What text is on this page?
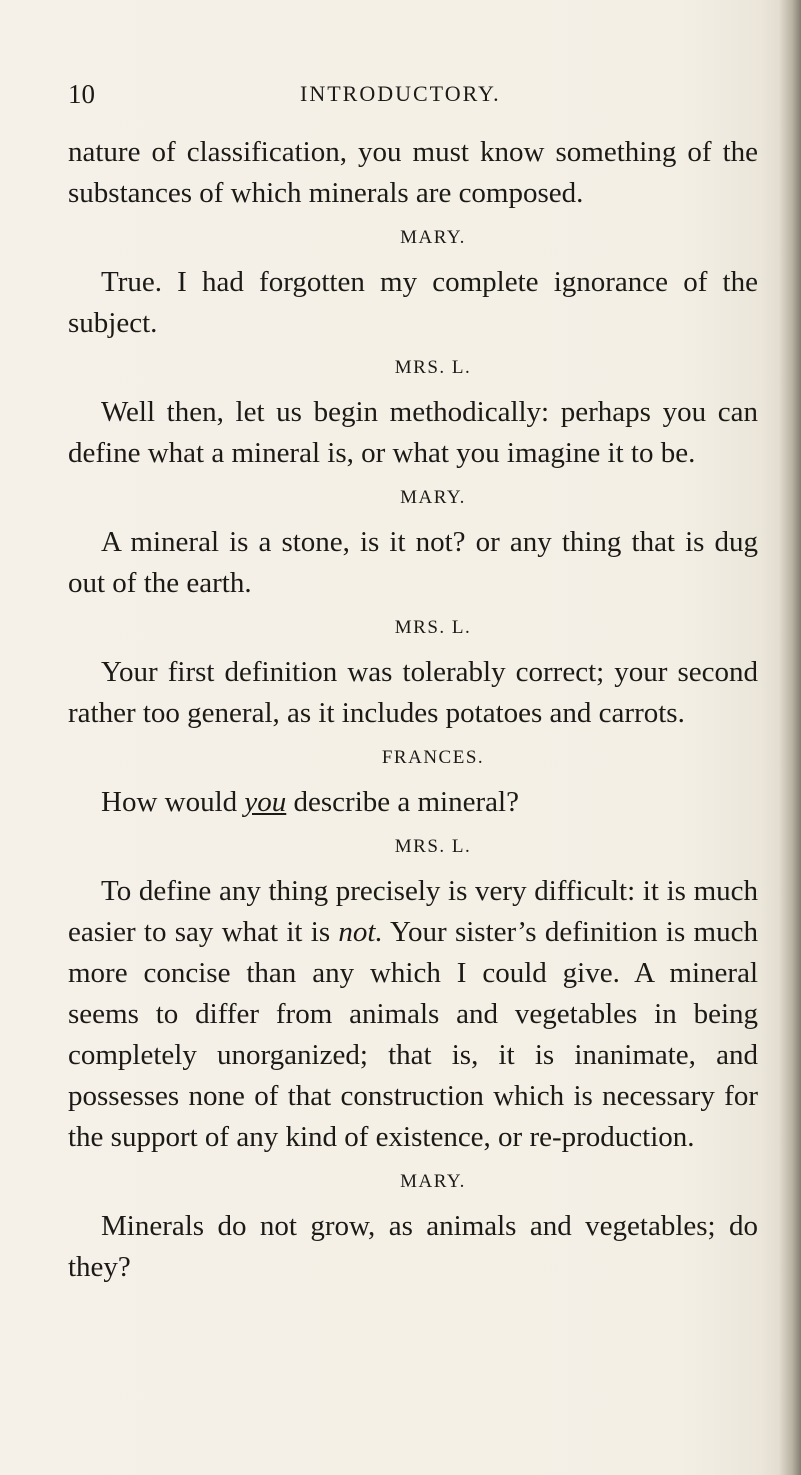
10	INTRODUCTORY.

nature of classification, you must know something of the substances of which minerals are composed.

MARY.

True. I had forgotten my complete ignorance of the subject.

MRS. L.

Well then, let us begin methodically: perhaps you can define what a mineral is, or what you imagine it to be.

MARY.

A mineral is a stone, is it not? or any thing that is dug out of the earth.

MRS. L.

Your first definition was tolerably correct; your second rather too general, as it includes potatoes and carrots.

FRANCES.

How would you describe a mineral?

MRS. L.

To define any thing precisely is very difficult: it is much easier to say what it is not. Your sister’s definition is much more concise than any which I could give. A mineral seems to differ from animals and vegetables in being completely unorganized; that is, it is inanimate, and possesses none of that construction which is necessary for the support of any kind of existence, or re-production.

MARY.

Minerals do not grow, as animals and vegetables; do they?
